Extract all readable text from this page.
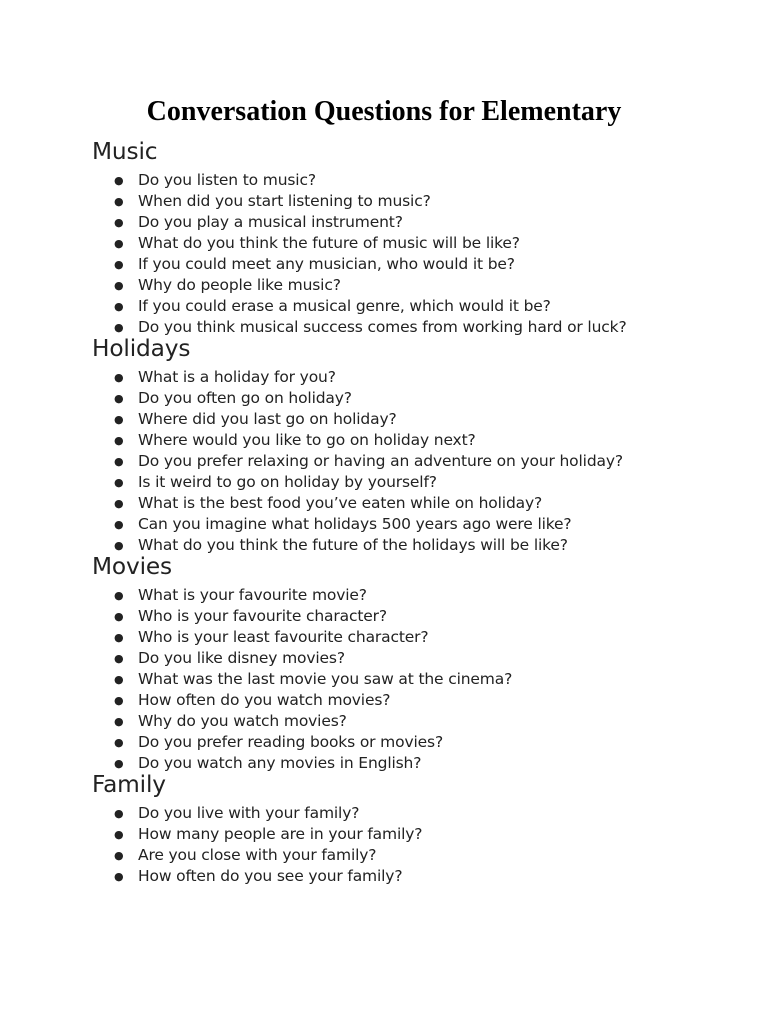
Conversation Questions for Elementary
Music
● Do you listen to music?
● When did you start listening to music?
● Do you play a musical instrument?
● What do you think the future of music will be like?
● If you could meet any musician, who would it be?
● Why do people like music?
● If you could erase a musical genre, which would it be?
● Do you think musical success comes from working hard or luck?
Holidays
● What is a holiday for you?
● Do you often go on holiday?
● Where did you last go on holiday?
● Where would you like to go on holiday next?
● Do you prefer relaxing or having an adventure on your holiday?
● Is it weird to go on holiday by yourself?
● What is the best food you’ve eaten while on holiday?
● Can you imagine what holidays 500 years ago were like?
● What do you think the future of the holidays will be like?
Movies
● What is your favourite movie?
● Who is your favourite character?
● Who is your least favourite character?
● Do you like disney movies?
● What was the last movie you saw at the cinema?
● How often do you watch movies?
● Why do you watch movies?
● Do you prefer reading books or movies?
● Do you watch any movies in English?
Family
● Do you live with your family?
● How many people are in your family?
● Are you close with your family?
● How often do you see your family?
